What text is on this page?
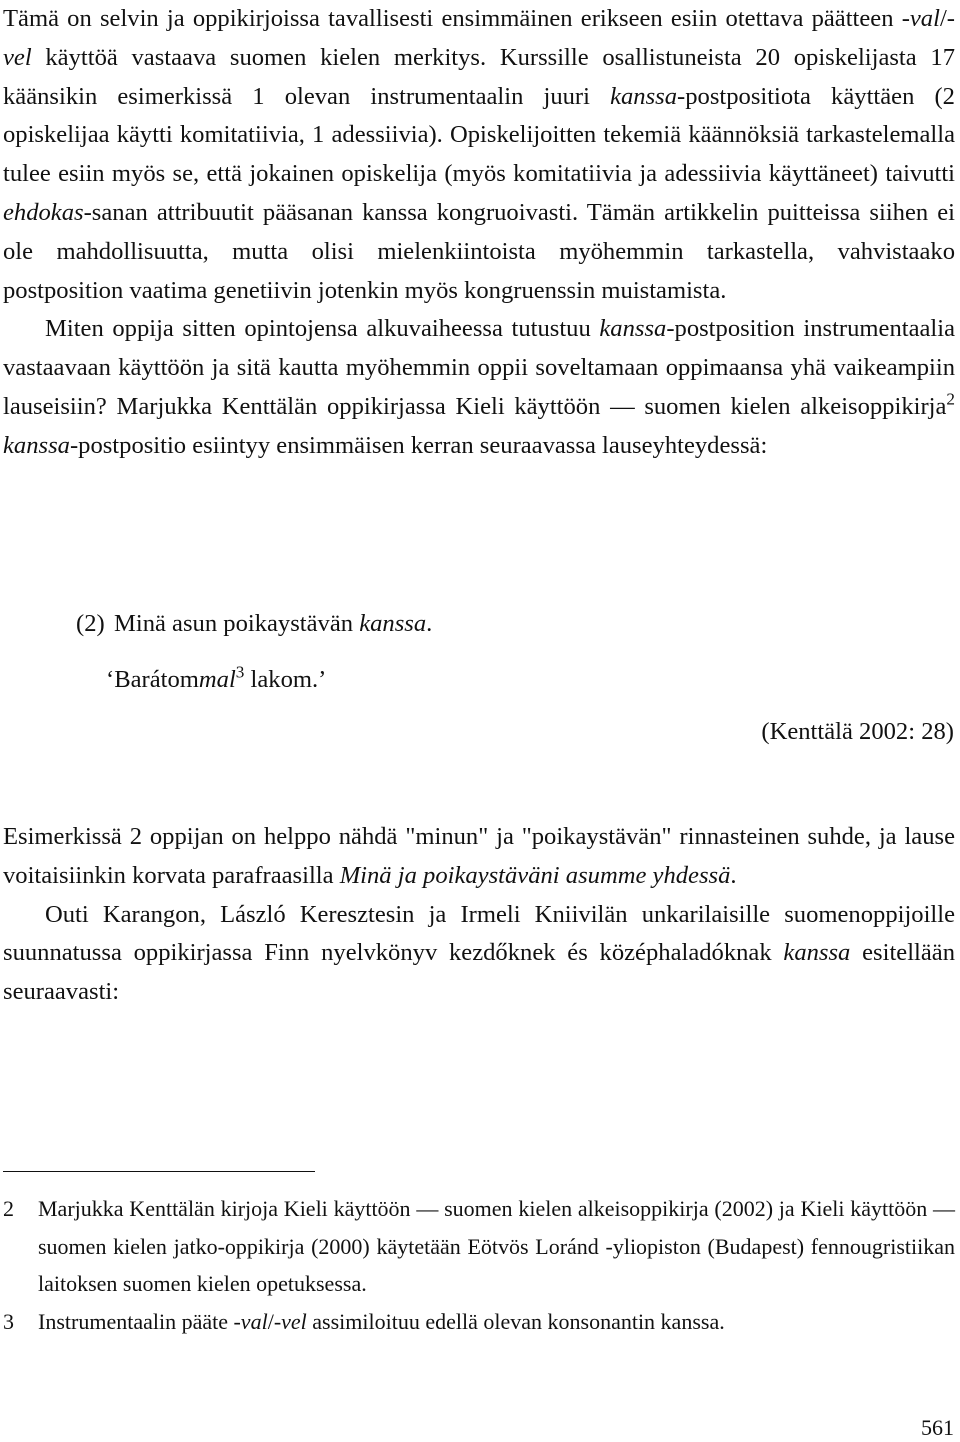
Tämä on selvin ja oppikirjoissa tavallisesti ensimmäinen erikseen esiin otettava päätteen -val/-vel käyttöä vastaava suomen kielen merkitys. Kurssille osallistuneista 20 opiskelijasta 17 käänsikin esimerkissä 1 olevan instrumentaalin juuri kanssa-postpositiota käyttäen (2 opiskelijaa käytti komitatiivia, 1 adessiivia). Opiskelijoitten tekemiä käännöksiä tarkastelemalla tulee esiin myös se, että jokainen opiskelija (myös komitatiivia ja adessiivia käyttäneet) taivutti ehdokas-sanan attribuutit pääsanan kanssa kongruoivasti. Tämän artikkelin puitteissa siihen ei ole mahdollisuutta, mutta olisi mielenkiintoista myöhemmin tarkastella, vahvistaako postposition vaatima genetiivin jotenkin myös kongruenssin muistamista.

Miten oppija sitten opintojensa alkuvaiheessa tutustuu kanssa-postposition instrumentaalia vastaavaan käyttöön ja sitä kautta myöhemmin oppii soveltamaan oppimaansa yhä vaikeampiin lauseisiin? Marjukka Kenttälän oppikirjassa Kieli käyttöön — suomen kielen alkeisoppikirja$^2$ kanssa-postpositio esiintyy ensimmäisen kerran seuraavassa lauseyhteydessä:

(2) Minä asun poikaystävän kanssa.
‘Barátommal$^3$ lakom.’
(Kenttälä 2002: 28)

Esimerkissä 2 oppijan on helppo nähdä "minun" ja "poikaystävän" rinnasteinen suhde, ja lause voitaisiinkin korvata parafraasilla Minä ja poikaystäväni asumme yhdessä.

Outi Karangon, László Keresztesin ja Irmeli Kniivilän unkarilaisille suomenoppijoille suunnatussa oppikirjassa Finn nyelvkönyv kezdőknek és középhaladóknak kanssa esitellään seuraavasti:

2 Marjukka Kenttälän kirjoja Kieli käyttöön — suomen kielen alkeisoppikirja (2002) ja Kieli käyttöön — suomen kielen jatko-oppikirja (2000) käytetään Eötvös Loránd -yliopiston (Budapest) fennougristiikan laitoksen suomen kielen opetuksessa.
3 Instrumentaalin pääte -val/-vel assimiloituu edellä olevan konsonantin kanssa.
561
